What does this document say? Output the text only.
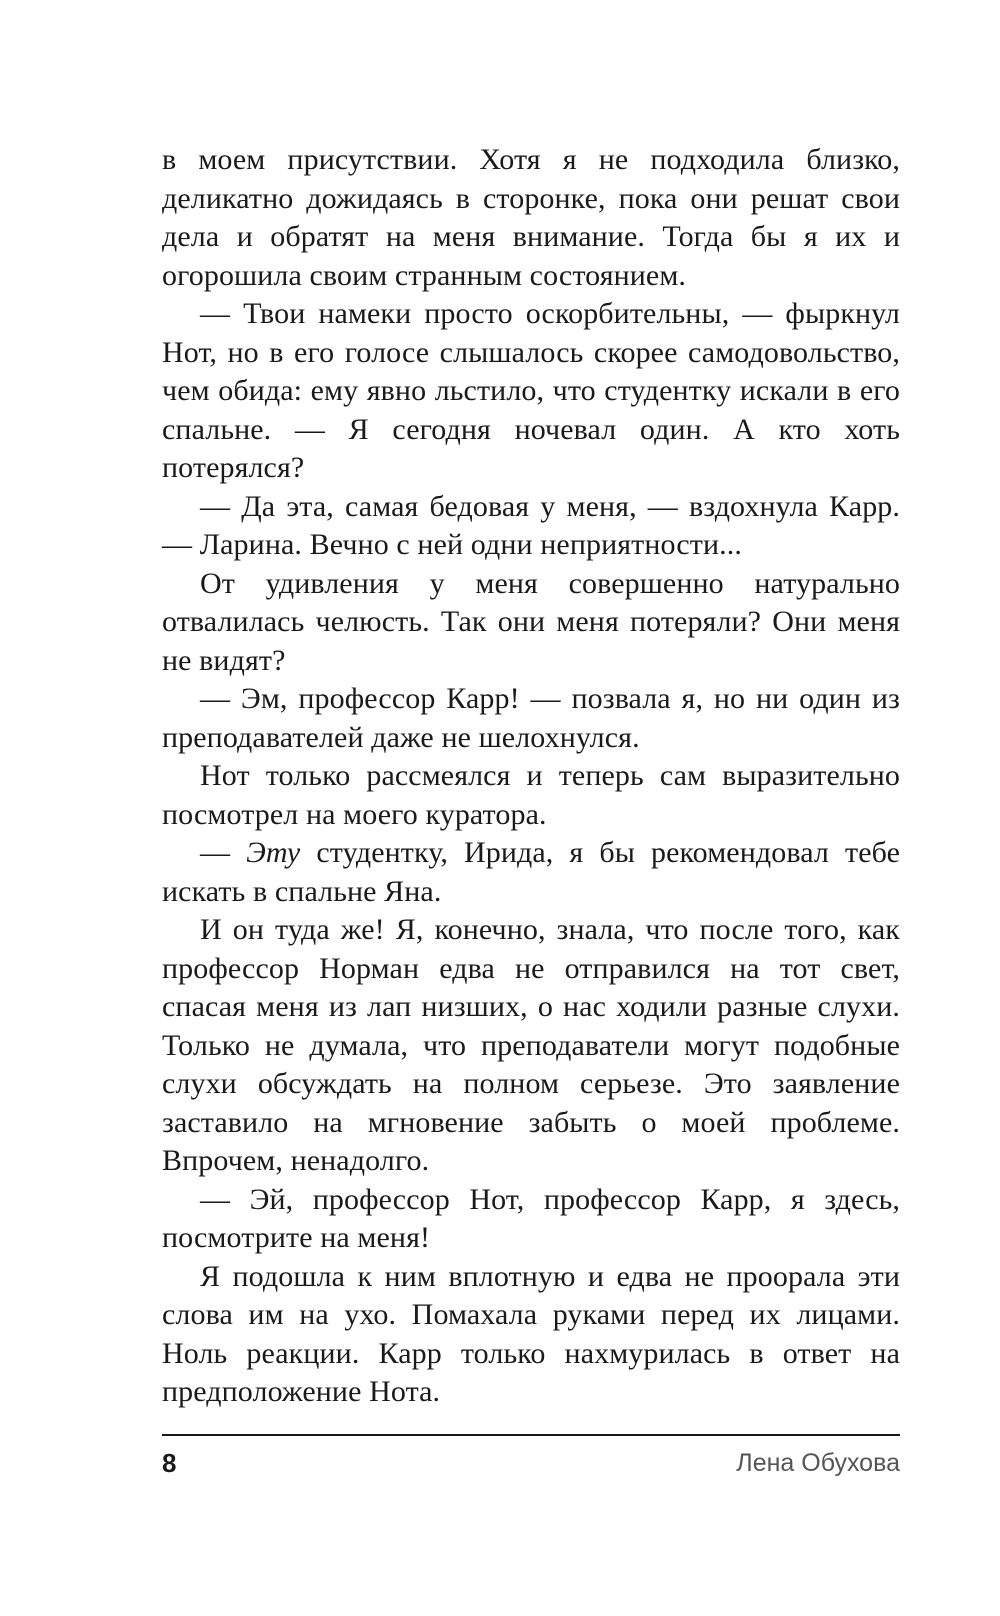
в моем присутствии. Хотя я не подходила близко, деликатно дожидаясь в сторонке, пока они решат свои дела и обратят на меня внимание. Тогда бы я их и огорошила своим странным состоянием.

— Твои намеки просто оскорбительны, — фыркнул Нот, но в его голосе слышалось скорее самодовольство, чем обида: ему явно льстило, что студентку искали в его спальне. — Я сегодня ночевал один. А кто хоть потерялся?

— Да эта, самая бедовая у меня, — вздохнула Карр. — Ларина. Вечно с ней одни неприятности...

От удивления у меня совершенно натурально отвалилась челюсть. Так они меня потеряли? Они меня не видят?

— Эм, профессор Карр! — позвала я, но ни один из преподавателей даже не шелохнулся.

Нот только рассмеялся и теперь сам выразительно посмотрел на моего куратора.

— Эту студентку, Ирида, я бы рекомендовал тебе искать в спальне Яна.

И он туда же! Я, конечно, знала, что после того, как профессор Норман едва не отправился на тот свет, спасая меня из лап низших, о нас ходили разные слухи. Только не думала, что преподаватели могут подобные слухи обсуждать на полном серьезе. Это заявление заставило на мгновение забыть о моей проблеме. Впрочем, ненадолго.

— Эй, профессор Нот, профессор Карр, я здесь, посмотрите на меня!

Я подошла к ним вплотную и едва не проорала эти слова им на ухо. Помахала руками перед их лицами. Ноль реакции. Карр только нахмурилась в ответ на предположение Нота.

8	Лена Обухова
